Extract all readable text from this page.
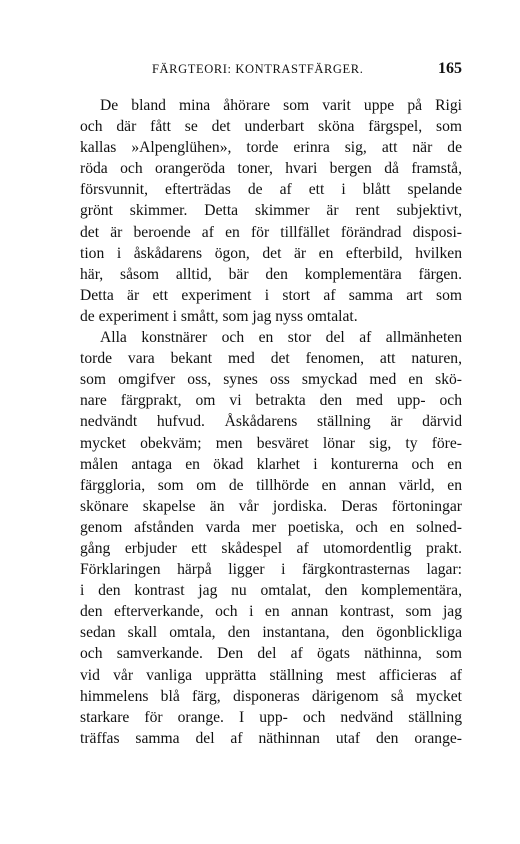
FÄRGTEORI: KONTRASTFÄRGER.	165
De bland mina åhörare som varit uppe på Rigi
och där fått se det underbart sköna färgspel, som
kallas »Alpenglühen», torde erinra sig, att när de
röda och orangeröda toner, hvari bergen då framstå,
försvunnit, efterträdas de af ett i blått spelande
grönt skimmer. Detta skimmer är rent subjektivt,
det är beroende af en för tillfället förändrad disposi-
tion i åskådarens ögon, det är en efterbild, hvilken
här, såsom alltid, bär den komplementära färgen.
Detta är ett experiment i stort af samma art som
de experiment i smått, som jag nyss omtalat.
Alla konstnärer och en stor del af allmänheten
torde vara bekant med det fenomen, att naturen,
som omgifver oss, synes oss smyckad med en skö-
nare färgprakt, om vi betrakta den med upp- och
nedvändt hufvud. Åskådarens ställning är därvid
mycket obekväm; men besväret lönar sig, ty före-
målen antaga en ökad klarhet i konturerna och en
färggloria, som om de tillhörde en annan värld, en
skönare skapelse än vår jordiska. Deras förtoningar
genom afstånden varda mer poetiska, och en solned-
gång erbjuder ett skådespel af utomordentlig prakt.
Förklaringen härpå ligger i färgkontrasternas lagar:
i den kontrast jag nu omtalat, den komplementära,
den efterverkande, och i en annan kontrast, som jag
sedan skall omtala, den instantana, den ögonblickliga
och samverkande. Den del af ögats näthinna, som
vid vår vanliga upprätta ställning mest afficieras af
himmelens blå färg, disponeras därigenom så mycket
starkare för orange. I upp- och nedvänd ställning
träffas samma del af näthinnan utaf den orange-
